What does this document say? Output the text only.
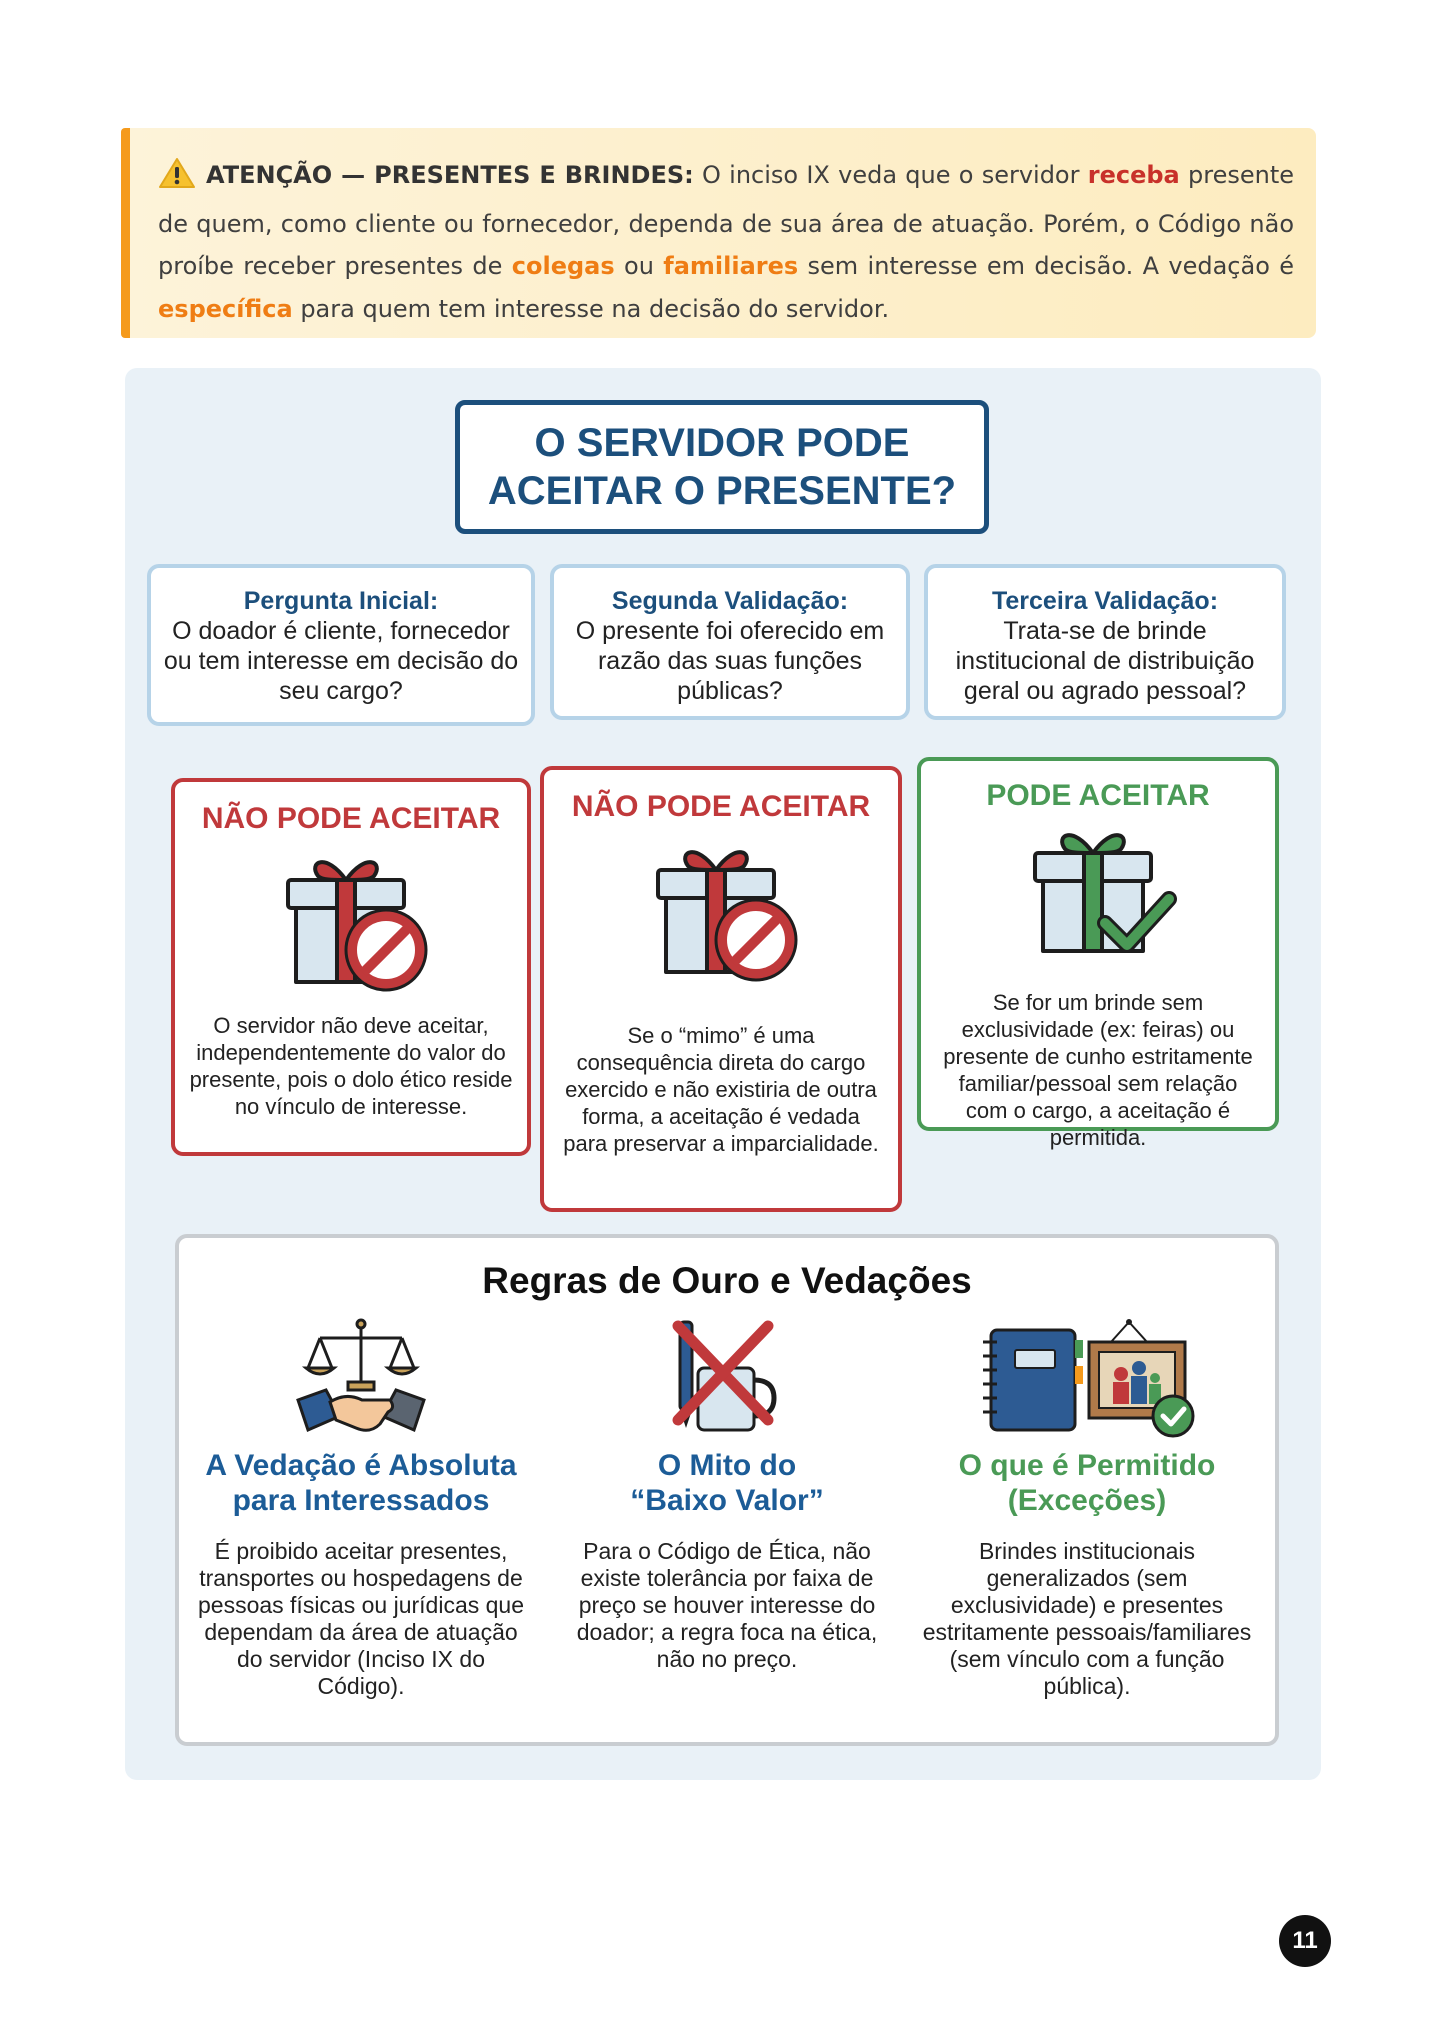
ATENÇÃO — PRESENTES E BRINDES: O inciso IX veda que o servidor receba presente de quem, como cliente ou fornecedor, dependa de sua área de atuação. Porém, o Código não proíbe receber presentes de colegas ou familiares sem interesse em decisão. A vedação é específica para quem tem interesse na decisão do servidor.
O SERVIDOR PODE
ACEITAR O PRESENTE?
Pergunta Inicial:
O doador é cliente, fornecedor ou tem interesse em decisão do seu cargo?
Segunda Validação:
O presente foi oferecido em razão das suas funções públicas?
Terceira Validação:
Trata-se de brinde institucional de distribuição geral ou agrado pessoal?
NÃO PODE ACEITAR
O servidor não deve aceitar, independentemente do valor do presente, pois o dolo ético reside no vínculo de interesse.
NÃO PODE ACEITAR
Se o “mimo” é uma consequência direta do cargo exercido e não existiria de outra forma, a aceitação é vedada para preservar a imparcialidade.
PODE ACEITAR
Se for um brinde sem exclusividade (ex: feiras) ou presente de cunho estritamente familiar/pessoal sem relação com o cargo, a aceitação é permitida.
Regras de Ouro e Vedações
A Vedação é Absoluta
para Interessados
É proibido aceitar presentes, transportes ou hospedagens de pessoas físicas ou jurídicas que dependam da área de atuação do servidor (Inciso IX do Código).
O Mito do
“Baixo Valor”
Para o Código de Ética, não existe tolerância por faixa de preço se houver interesse do doador; a regra foca na ética, não no preço.
O que é Permitido
(Exceções)
Brindes institucionais generalizados (sem exclusividade) e presentes estritamente pessoais/familiares (sem vínculo com a função pública).
11
